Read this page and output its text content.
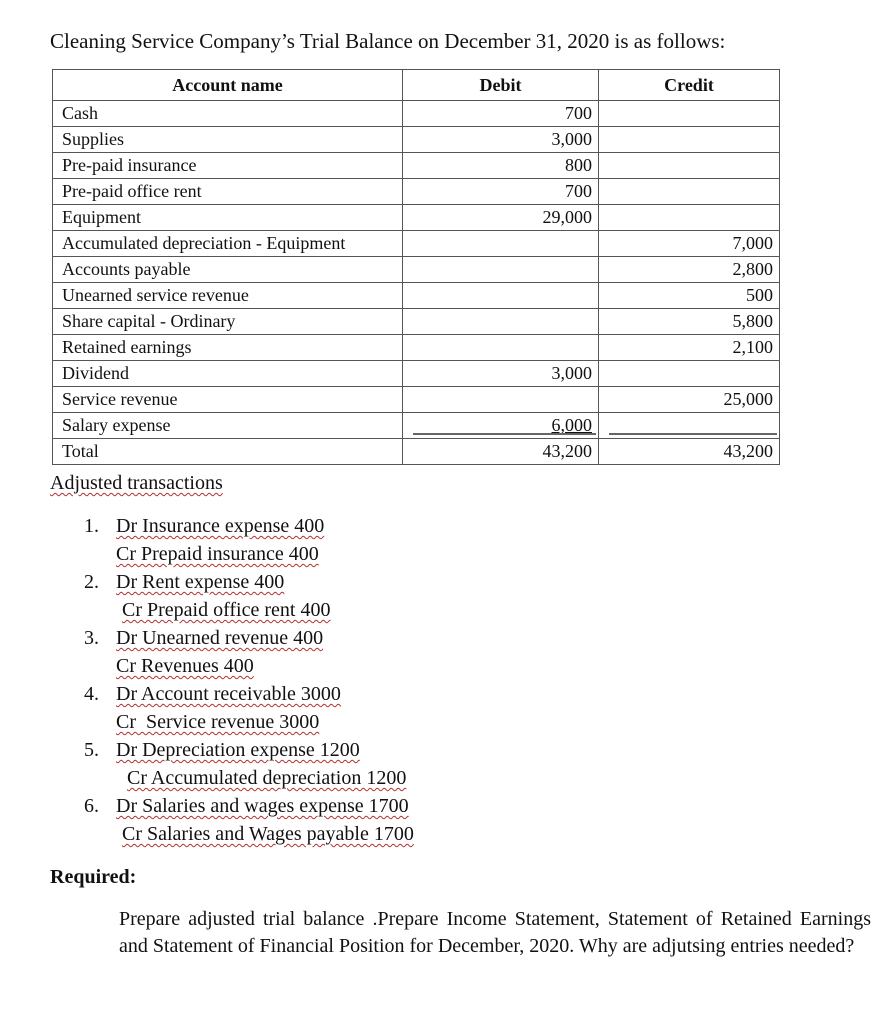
Cleaning Service Company’s Trial Balance on December 31, 2020 is as follows:
Account name	Debit	Credit
Cash	700	
Supplies	3,000	
Pre-paid insurance	800	
Pre-paid office rent	700	
Equipment	29,000	
Accumulated depreciation - Equipment		7,000
Accounts payable		2,800
Unearned service revenue		500
Share capital - Ordinary		5,800
Retained earnings		2,100
Dividend	3,000	
Service revenue		25,000
Salary expense	6,000	
Total	43,200	43,200
Adjusted transactions
1. Dr Insurance expense 400
Cr Prepaid insurance 400
2. Dr Rent expense 400
Cr Prepaid office rent 400
3. Dr Unearned revenue 400
Cr Revenues 400
4. Dr Account receivable 3000
Cr  Service revenue 3000
5. Dr Depreciation expense 1200
Cr Accumulated depreciation 1200
6. Dr Salaries and wages expense 1700
Cr Salaries and Wages payable 1700
Required:
Prepare adjusted trial balance .Prepare Income Statement, Statement of Retained Earnings and Statement of Financial Position for December, 2020. Why are adjutsing entries needed?
